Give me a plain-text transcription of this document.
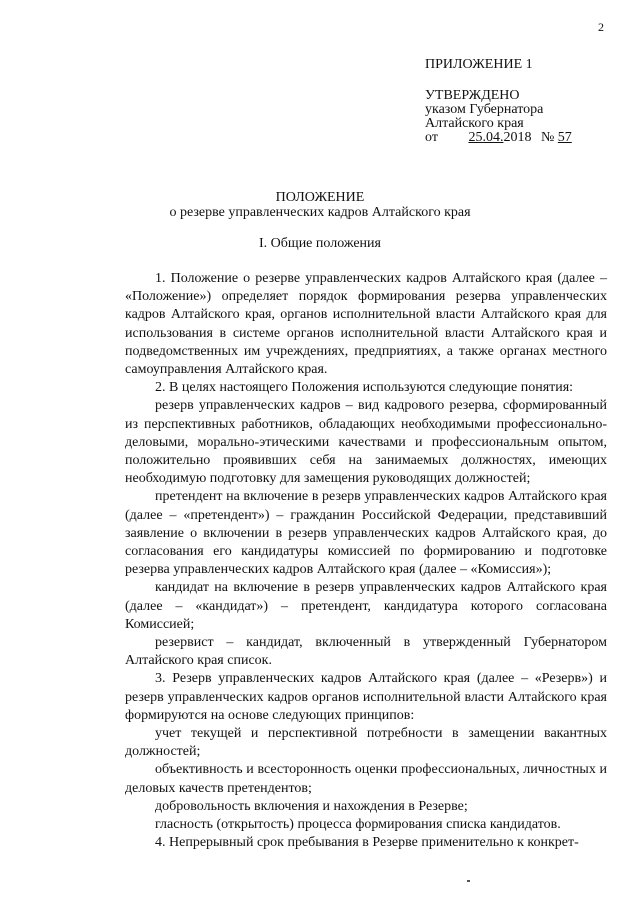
2
ПРИЛОЖЕНИЕ 1
УТВЕРЖДЕНО
указом Губернатора
Алтайского края
от 25.04.2018 № 57
ПОЛОЖЕНИЕ
о резерве управленческих кадров Алтайского края
I. Общие положения

1. Положение о резерве управленческих кадров Алтайского края (далее – «Положение») определяет порядок формирования резерва управленческих кадров Алтайского края, органов исполнительной власти Алтайского края для использования в системе органов исполнительной власти Алтайского края и подведомственных им учреждениях, предприятиях, а также органах местного самоуправления Алтайского края.

2. В целях настоящего Положения используются следующие понятия:

резерв управленческих кадров – вид кадрового резерва, сформированный из перспективных работников, обладающих необходимыми профессионально-деловыми, морально-этическими качествами и профессиональным опытом, положительно проявивших себя на занимаемых должностях, имеющих необходимую подготовку для замещения руководящих должностей;

претендент на включение в резерв управленческих кадров Алтайского края (далее – «претендент») – гражданин Российской Федерации, представивший заявление о включении в резерв управленческих кадров Алтайского края, до согласования его кандидатуры комиссией по формированию и подготовке резерва управленческих кадров Алтайского края (далее – «Комиссия»);

кандидат на включение в резерв управленческих кадров Алтайского края (далее – «кандидат») – претендент, кандидатура которого согласована Комиссией;

резервист – кандидат, включенный в утвержденный Губернатором Алтайского края список.

3. Резерв управленческих кадров Алтайского края (далее – «Резерв») и резерв управленческих кадров органов исполнительной власти Алтайского края формируются на основе следующих принципов:

учет текущей и перспективной потребности в замещении вакантных должностей;

объективность и всесторонность оценки профессиональных, личностных и деловых качеств претендентов;

добровольность включения и нахождения в Резерве;

гласность (открытость) процесса формирования списка кандидатов.

4. Непрерывный срок пребывания в Резерве применительно к конкрет-
